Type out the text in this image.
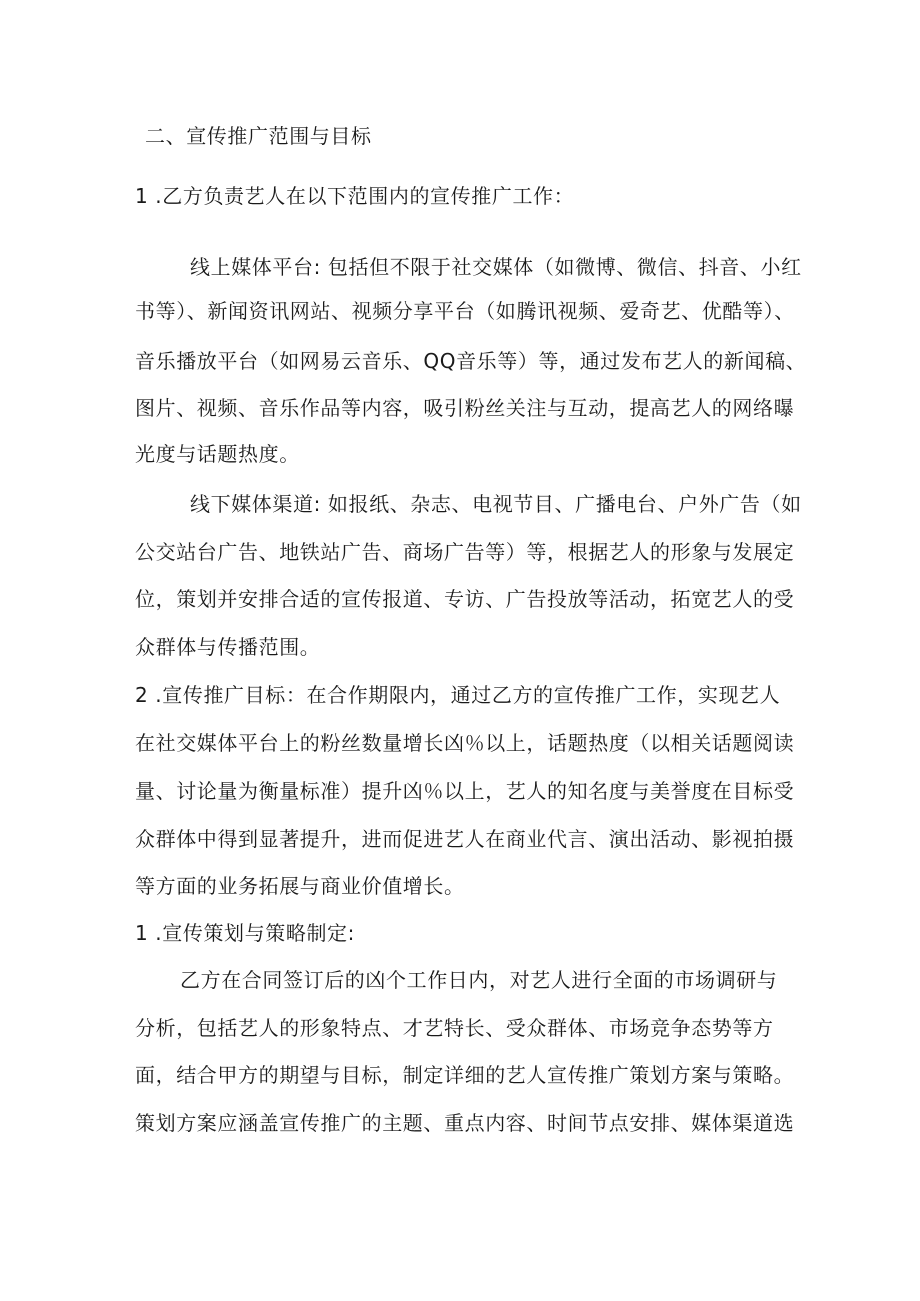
二、宣传推广范围与目标
1 .乙方负责艺人在以下范围内的宣传推广工作：
线上媒体平台: 包括但不限于社交媒体（如微博、微信、抖音、小红
书等）、新闻资讯网站、视频分享平台（如腾讯视频、爱奇艺、优酷等）、
音乐播放平台（如网易云音乐、QQ音乐等）等，通过发布艺人的新闻稿、
图片、视频、音乐作品等内容，吸引粉丝关注与互动，提高艺人的网络曝
光度与话题热度。
线下媒体渠道: 如报纸、杂志、电视节目、广播电台、户外广告（如
公交站台广告、地铁站广告、商场广告等）等，根据艺人的形象与发展定
位，策划并安排合适的宣传报道、专访、广告投放等活动，拓宽艺人的受
众群体与传播范围。
2 .宣传推广目标：在合作期限内，通过乙方的宣传推广工作，实现艺人
在社交媒体平台上的粉丝数量增长凶％以上，话题热度（以相关话题阅读
量、讨论量为衡量标准）提升凶％以上，艺人的知名度与美誉度在目标受
众群体中得到显著提升，进而促进艺人在商业代言、演出活动、影视拍摄
等方面的业务拓展与商业价值增长。
1 .宣传策划与策略制定:
乙方在合同签订后的凶个工作日内，对艺人进行全面的市场调研与
分析，包括艺人的形象特点、才艺特长、受众群体、市场竞争态势等方
面，结合甲方的期望与目标，制定详细的艺人宣传推广策划方案与策略。
策划方案应涵盖宣传推广的主题、重点内容、时间节点安排、媒体渠道选
